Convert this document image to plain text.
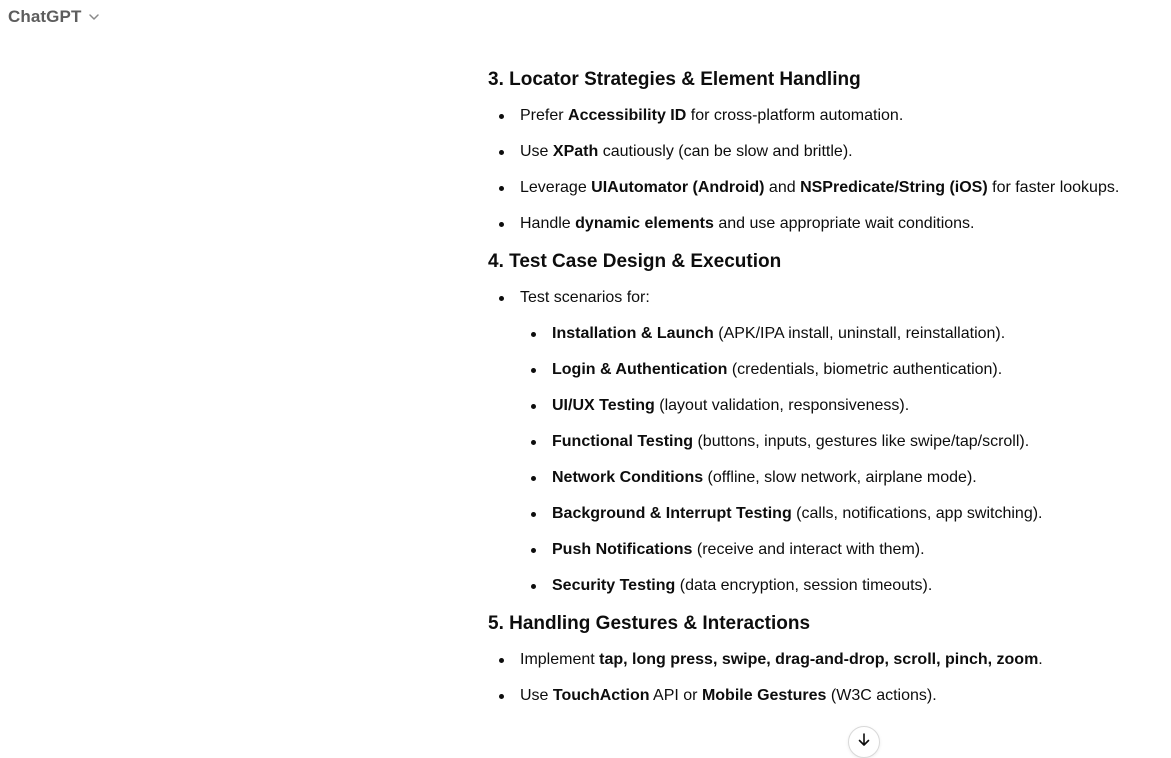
ChatGPT
3. Locator Strategies & Element Handling
Prefer Accessibility ID for cross-platform automation.
Use XPath cautiously (can be slow and brittle).
Leverage UIAutomator (Android) and NSPredicate/String (iOS) for faster lookups.
Handle dynamic elements and use appropriate wait conditions.
4. Test Case Design & Execution
Test scenarios for:
Installation & Launch (APK/IPA install, uninstall, reinstallation).
Login & Authentication (credentials, biometric authentication).
UI/UX Testing (layout validation, responsiveness).
Functional Testing (buttons, inputs, gestures like swipe/tap/scroll).
Network Conditions (offline, slow network, airplane mode).
Background & Interrupt Testing (calls, notifications, app switching).
Push Notifications (receive and interact with them).
Security Testing (data encryption, session timeouts).
5. Handling Gestures & Interactions
Implement tap, long press, swipe, drag-and-drop, scroll, pinch, zoom.
Use TouchAction API or Mobile Gestures (W3C actions).
